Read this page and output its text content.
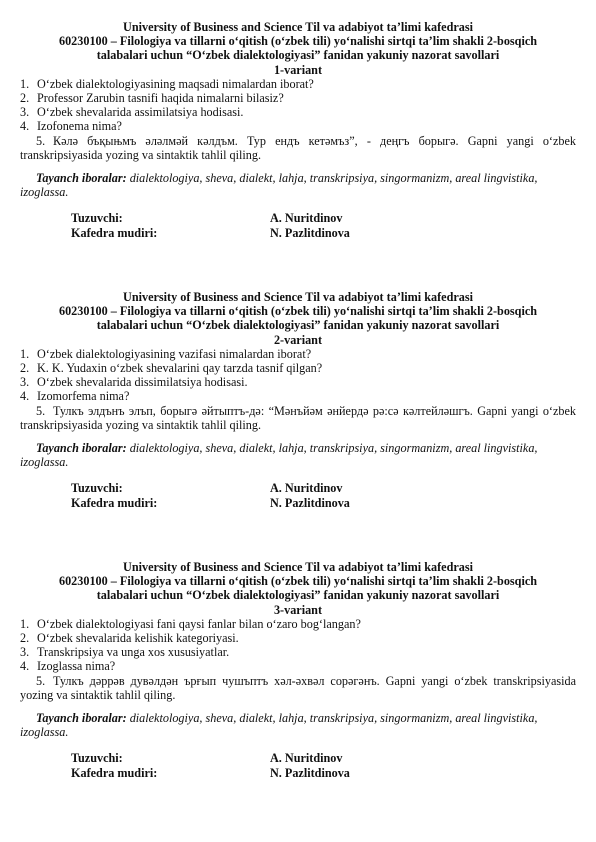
University of Business and Science Til va adabiyot ta’limi kafedrasi
60230100 – Filologiya va tillarni o‘qitish (o‘zbek tili) yo‘nalishi sirtqi ta’lim shakli 2-bosqich
talabalari uchun “O‘zbek dialektologiyasi” fanidan yakuniy nazorat savollari
1-variant
1. O‘zbek dialektologiyasining maqsadi nimalardan iborat?
2. Professor Zarubin tasnifi haqida nimalarni bilasiz?
3. O‘zbek shevalarida assimilatsiya hodisasi.
4. Izofonema nima?
5. Кәлә бъқыњмъ әләлмәй кәлдъм. Тур ендъ кетәмъз”, - деңгъ борыгә. Gapni yangi o‘zbek transkripsiyasida yozing va sintaktik tahlil qiling.
Tayanch iboralar: dialektologiya, sheva, dialekt, lahja, transkripsiya, singormanizm, areal lingvistika, izoglassa.
Tuzuvchi:	A. Nuritdinov
Kafedra mudiri:	N. Pazlitdinova
University of Business and Science Til va adabiyot ta’limi kafedrasi
60230100 – Filologiya va tillarni o‘qitish (o‘zbek tili) yo‘nalishi sirtqi ta’lim shakli 2-bosqich
talabalari uchun “O‘zbek dialektologiyasi” fanidan yakuniy nazorat savollari
2-variant
1. O‘zbek dialektologiyasining vazifasi nimalardan iborat?
2. K. K. Yudaxin o‘zbek shevalarini qay tarzda tasnif qilgan?
3. O‘zbek shevalarida dissimilatsiya hodisasi.
4. Izomorfema nima?
5. Тулкъ элдънъ элъп, борыгә әйтыптъ-дә: “Мәнъйәм әнйердә рә:сә кәлтейләшгъ. Gapni yangi o‘zbek transkripsiyasida yozing va sintaktik tahlil qiling.
Tayanch iboralar: dialektologiya, sheva, dialekt, lahja, transkripsiya, singormanizm, areal lingvistika, izoglassa.
Tuzuvchi:	A. Nuritdinov
Kafedra mudiri:	N. Pazlitdinova
University of Business and Science Til va adabiyot ta’limi kafedrasi
60230100 – Filologiya va tillarni o‘qitish (o‘zbek tili) yo‘nalishi sirtqi ta’lim shakli 2-bosqich
talabalari uchun “O‘zbek dialektologiyasi” fanidan yakuniy nazorat savollari
3-variant
1. O‘zbek dialektologiyasi fani qaysi fanlar bilan o‘zaro bog‘langan?
2. O‘zbek shevalarida kelishik kategoriyasi.
3. Transkripsiya va unga xos xususiyatlar.
4. Izoglassa nima?
5. Тулкъ дәррәв дувәлдән ърғып чушъптъ хәл-әхвәл сорәгәнъ. Gapni yangi o‘zbek transkripsiyasida yozing va sintaktik tahlil qiling.
Tayanch iboralar: dialektologiya, sheva, dialekt, lahja, transkripsiya, singormanizm, areal lingvistika, izoglassa.
Tuzuvchi:	A. Nuritdinov
Kafedra mudiri:	N. Pazlitdinova
